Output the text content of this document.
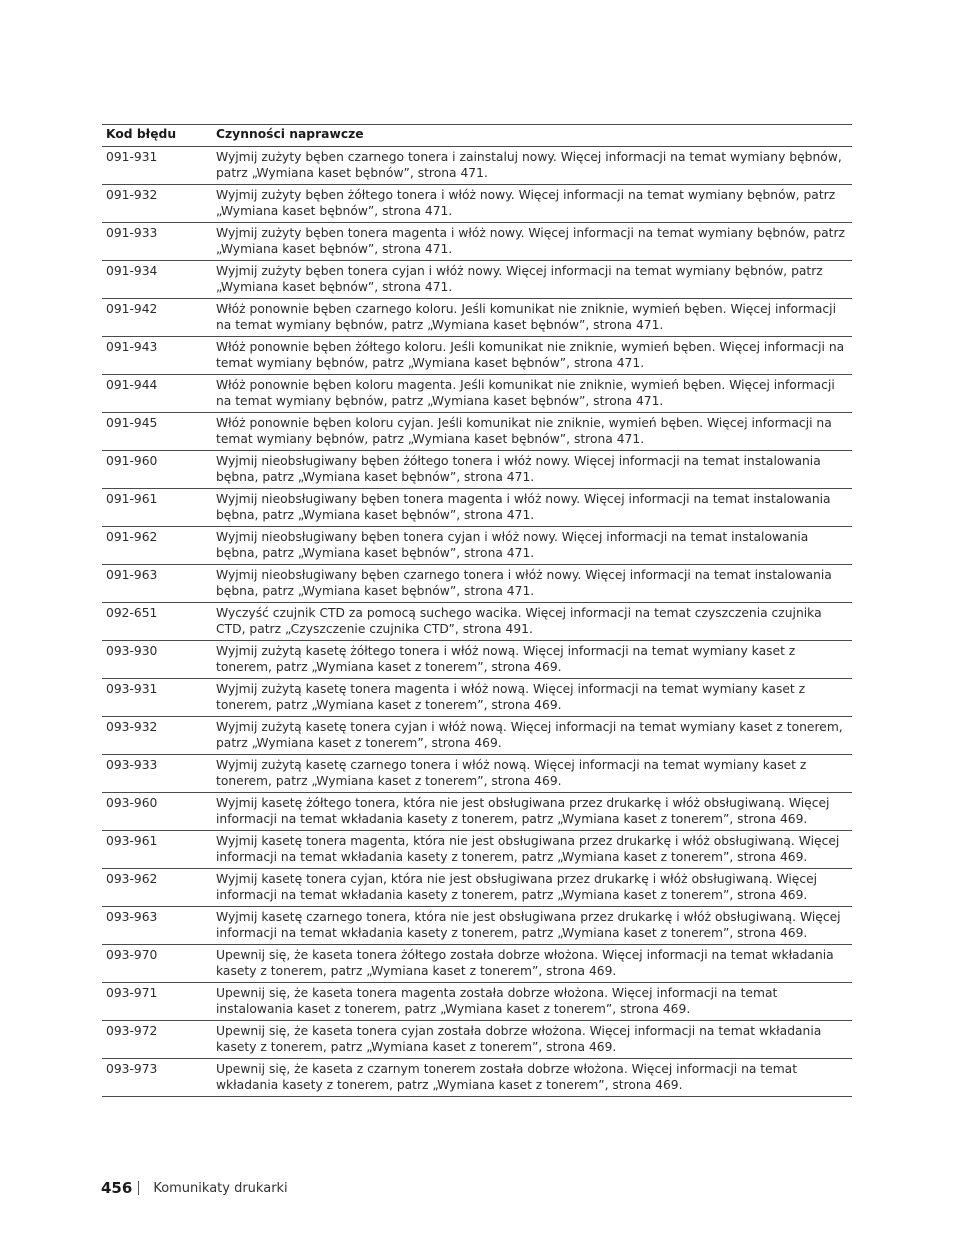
Kod błędu	Czynności naprawcze
091-931	Wyjmij zużyty bęben czarnego tonera i zainstaluj nowy. Więcej informacji na temat wymiany bębnów, patrz „Wymiana kaset bębnów”, strona 471.
091-932	Wyjmij zużyty bęben żółtego tonera i włóż nowy. Więcej informacji na temat wymiany bębnów, patrz „Wymiana kaset bębnów”, strona 471.
091-933	Wyjmij zużyty bęben tonera magenta i włóż nowy. Więcej informacji na temat wymiany bębnów, patrz „Wymiana kaset bębnów”, strona 471.
091-934	Wyjmij zużyty bęben tonera cyjan i włóż nowy. Więcej informacji na temat wymiany bębnów, patrz „Wymiana kaset bębnów”, strona 471.
091-942	Włóż ponownie bęben czarnego koloru. Jeśli komunikat nie zniknie, wymień bęben. Więcej informacji na temat wymiany bębnów, patrz „Wymiana kaset bębnów”, strona 471.
091-943	Włóż ponownie bęben żółtego koloru. Jeśli komunikat nie zniknie, wymień bęben. Więcej informacji na temat wymiany bębnów, patrz „Wymiana kaset bębnów”, strona 471.
091-944	Włóż ponownie bęben koloru magenta. Jeśli komunikat nie zniknie, wymień bęben. Więcej informacji na temat wymiany bębnów, patrz „Wymiana kaset bębnów”, strona 471.
091-945	Włóż ponownie bęben koloru cyjan. Jeśli komunikat nie zniknie, wymień bęben. Więcej informacji na temat wymiany bębnów, patrz „Wymiana kaset bębnów”, strona 471.
091-960	Wyjmij nieobsługiwany bęben żółtego tonera i włóż nowy. Więcej informacji na temat instalowania bębna, patrz „Wymiana kaset bębnów”, strona 471.
091-961	Wyjmij nieobsługiwany bęben tonera magenta i włóż nowy. Więcej informacji na temat instalowania bębna, patrz „Wymiana kaset bębnów”, strona 471.
091-962	Wyjmij nieobsługiwany bęben tonera cyjan i włóż nowy. Więcej informacji na temat instalowania bębna, patrz „Wymiana kaset bębnów”, strona 471.
091-963	Wyjmij nieobsługiwany bęben czarnego tonera i włóż nowy. Więcej informacji na temat instalowania bębna, patrz „Wymiana kaset bębnów”, strona 471.
092-651	Wyczyść czujnik CTD za pomocą suchego wacika. Więcej informacji na temat czyszczenia czujnika CTD, patrz „Czyszczenie czujnika CTD”, strona 491.
093-930	Wyjmij zużytą kasetę żółtego tonera i włóż nową. Więcej informacji na temat wymiany kaset z tonerem, patrz „Wymiana kaset z tonerem”, strona 469.
093-931	Wyjmij zużytą kasetę tonera magenta i włóż nową. Więcej informacji na temat wymiany kaset z tonerem, patrz „Wymiana kaset z tonerem”, strona 469.
093-932	Wyjmij zużytą kasetę tonera cyjan i włóż nową. Więcej informacji na temat wymiany kaset z tonerem, patrz „Wymiana kaset z tonerem”, strona 469.
093-933	Wyjmij zużytą kasetę czarnego tonera i włóż nową. Więcej informacji na temat wymiany kaset z tonerem, patrz „Wymiana kaset z tonerem”, strona 469.
093-960	Wyjmij kasetę żółtego tonera, która nie jest obsługiwana przez drukarkę i włóż obsługiwaną. Więcej informacji na temat wkładania kasety z tonerem, patrz „Wymiana kaset z tonerem”, strona 469.
093-961	Wyjmij kasetę tonera magenta, która nie jest obsługiwana przez drukarkę i włóż obsługiwaną. Więcej informacji na temat wkładania kasety z tonerem, patrz „Wymiana kaset z tonerem”, strona 469.
093-962	Wyjmij kasetę tonera cyjan, która nie jest obsługiwana przez drukarkę i włóż obsługiwaną. Więcej informacji na temat wkładania kasety z tonerem, patrz „Wymiana kaset z tonerem”, strona 469.
093-963	Wyjmij kasetę czarnego tonera, która nie jest obsługiwana przez drukarkę i włóż obsługiwaną. Więcej informacji na temat wkładania kasety z tonerem, patrz „Wymiana kaset z tonerem”, strona 469.
093-970	Upewnij się, że kaseta tonera żółtego została dobrze włożona. Więcej informacji na temat wkładania kasety z tonerem, patrz „Wymiana kaset z tonerem”, strona 469.
093-971	Upewnij się, że kaseta tonera magenta została dobrze włożona. Więcej informacji na temat instalowania kaset z tonerem, patrz „Wymiana kaset z tonerem”, strona 469.
093-972	Upewnij się, że kaseta tonera cyjan została dobrze włożona. Więcej informacji na temat wkładania kasety z tonerem, patrz „Wymiana kaset z tonerem”, strona 469.
093-973	Upewnij się, że kaseta z czarnym tonerem została dobrze włożona. Więcej informacji na temat wkładania kasety z tonerem, patrz „Wymiana kaset z tonerem”, strona 469.
456 Komunikaty drukarki
